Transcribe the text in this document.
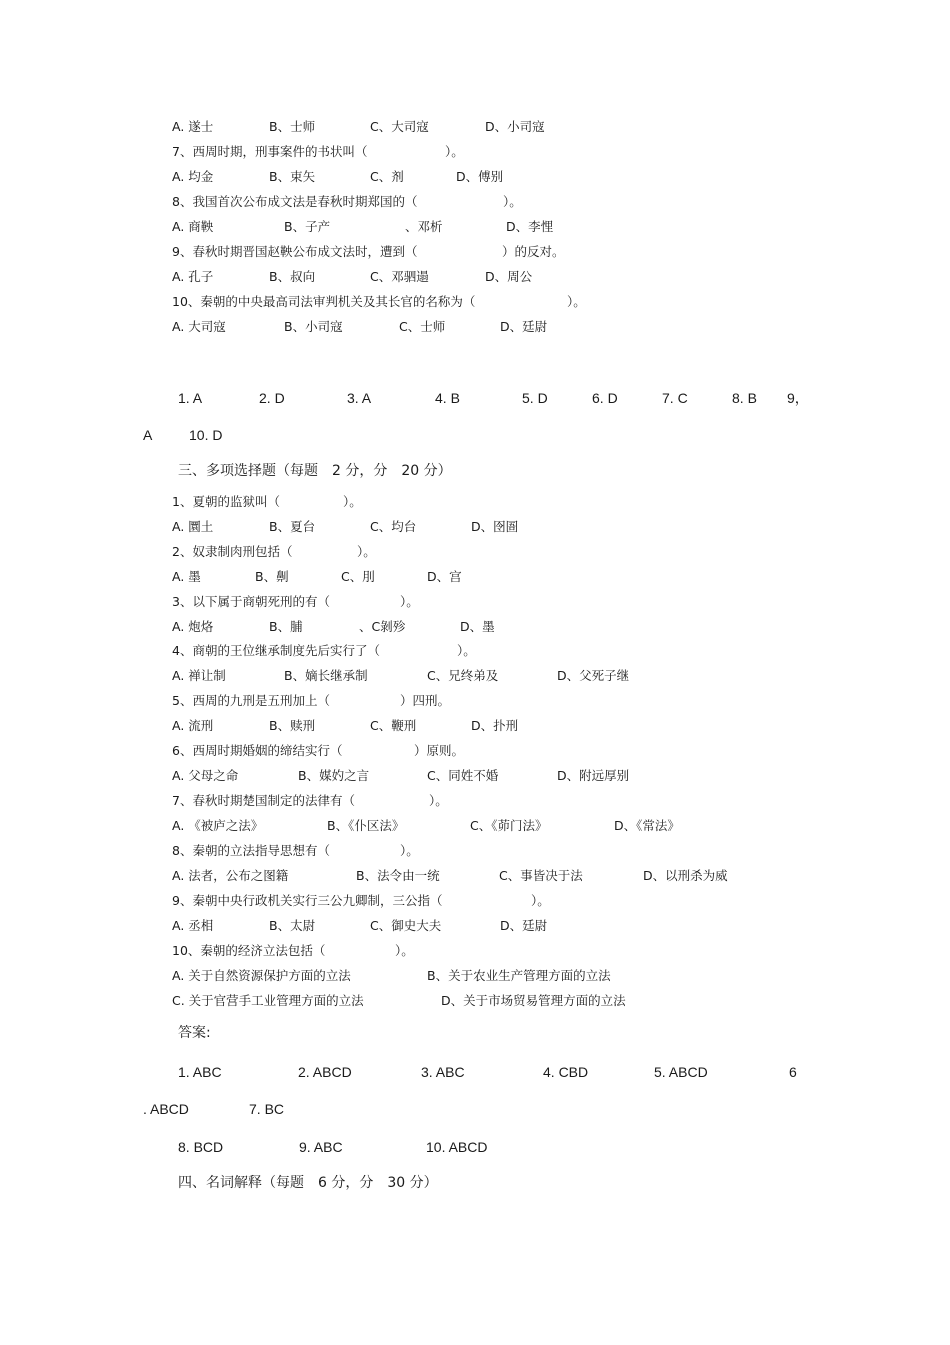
A. 遂士	B、士师	C、大司寇	D、小司寇
7、西周时期，刑事案件的书状叫（	）。
A. 均金	B、束矢	C、剂	D、傅别
8、我国首次公布成文法是春秋时期郑国的（	）。
A. 商鞅	B、子产	、邓析	D、李悝
9、春秋时期晋国赵鞅公布成文法时，遭到（	）的反对。
A. 孔子	B、叔向	C、邓驷遢	D、周公
10、秦朝的中央最高司法审判机关及其长官的名称为（	）。
A. 大司寇	B、小司寇	C、士师	D、廷尉
1. A	2. D	3. A	4. B	5. D	6. D	7. C	8. B 9，
A	10. D
三、多项选择题（每题　2 分，分　20 分）
1、夏朝的监狱叫（	）。
A. 圜土	B、夏台	C、均台	D、囹圄
2、奴隶制肉刑包括（	）。
A. 墨	B、劓	C、刖	D、宫
3、以下属于商朝死刑的有（	）。
A. 炮烙	B、脯	、C剝殄	D、墨
4、商朝的王位继承制度先后实行了（	）。
A. 禅让制	B、嫡长继承制	C、兄终弟及	D、父死子继
5、西周的九刑是五刑加上（	）四刑。
A. 流刑	B、赎刑	C、鞭刑	D、扑刑
6、西周时期婚姻的缔结实行（	）原则。
A. 父母之命	B、媒妁之言	C、同姓不婚	D、附远厚别
7、春秋时期楚国制定的法律有（	）。
A. 《被庐之法》	B、《仆区法》	C、《茆门法》	D、《常法》
8、秦朝的立法指导思想有（	）。
A. 法者，公布之图籍	B、法令由一统	C、事皆决于法	D、以刑杀为威
9、秦朝中央行政机关实行三公九卿制，三公指（	）。
A. 丞相	B、太尉	C、御史大夫	D、廷尉
10、秦朝的经济立法包括（	）。
A. 关于自然资源保护方面的立法	B、关于农业生产管理方面的立法
C. 关于官营手工业管理方面的立法	D、关于市场贸易管理方面的立法
答案:
1. ABC	2. ABCD	3. ABC	4. CBD	5. ABCD	6
. ABCD	7. BC
8. BCD	9. ABC	10. ABCD
四、名词解释（每题　6 分，分　30 分）
